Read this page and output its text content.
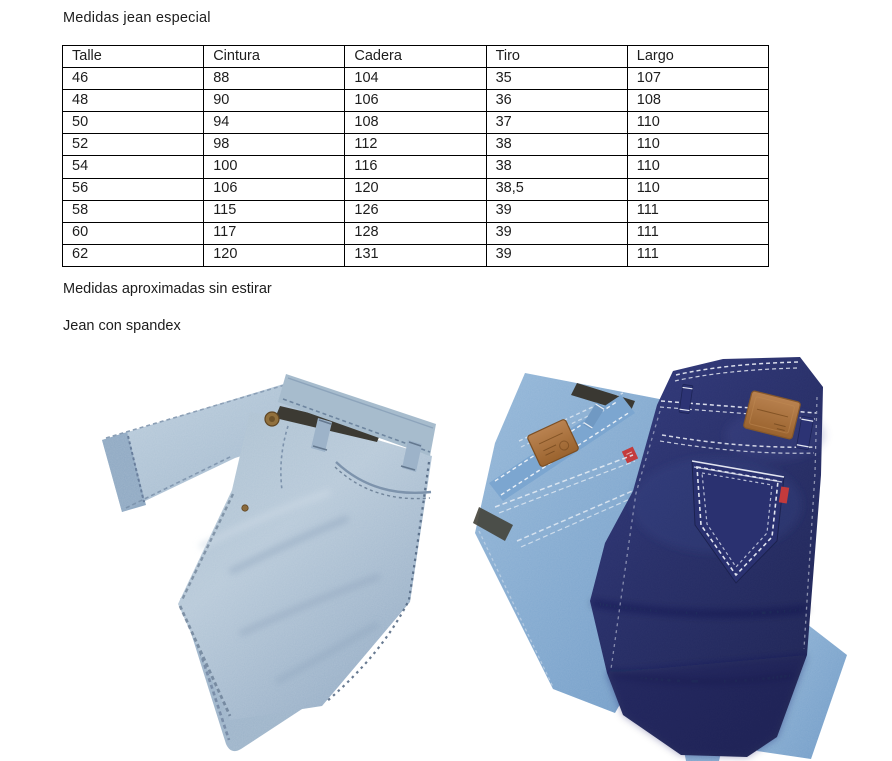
Medidas jean especial
Talle	Cintura	Cadera	Tiro	Largo
46	88	104	35	107
48	90	106	36	108
50	94	108	37	110
52	98	112	38	110
54	100	116	38	110
56	106	120	38,5	110
58	115	126	39	111
60	117	128	39	111
62	120	131	39	111
Medidas aproximadas sin estirar
Jean con spandex
